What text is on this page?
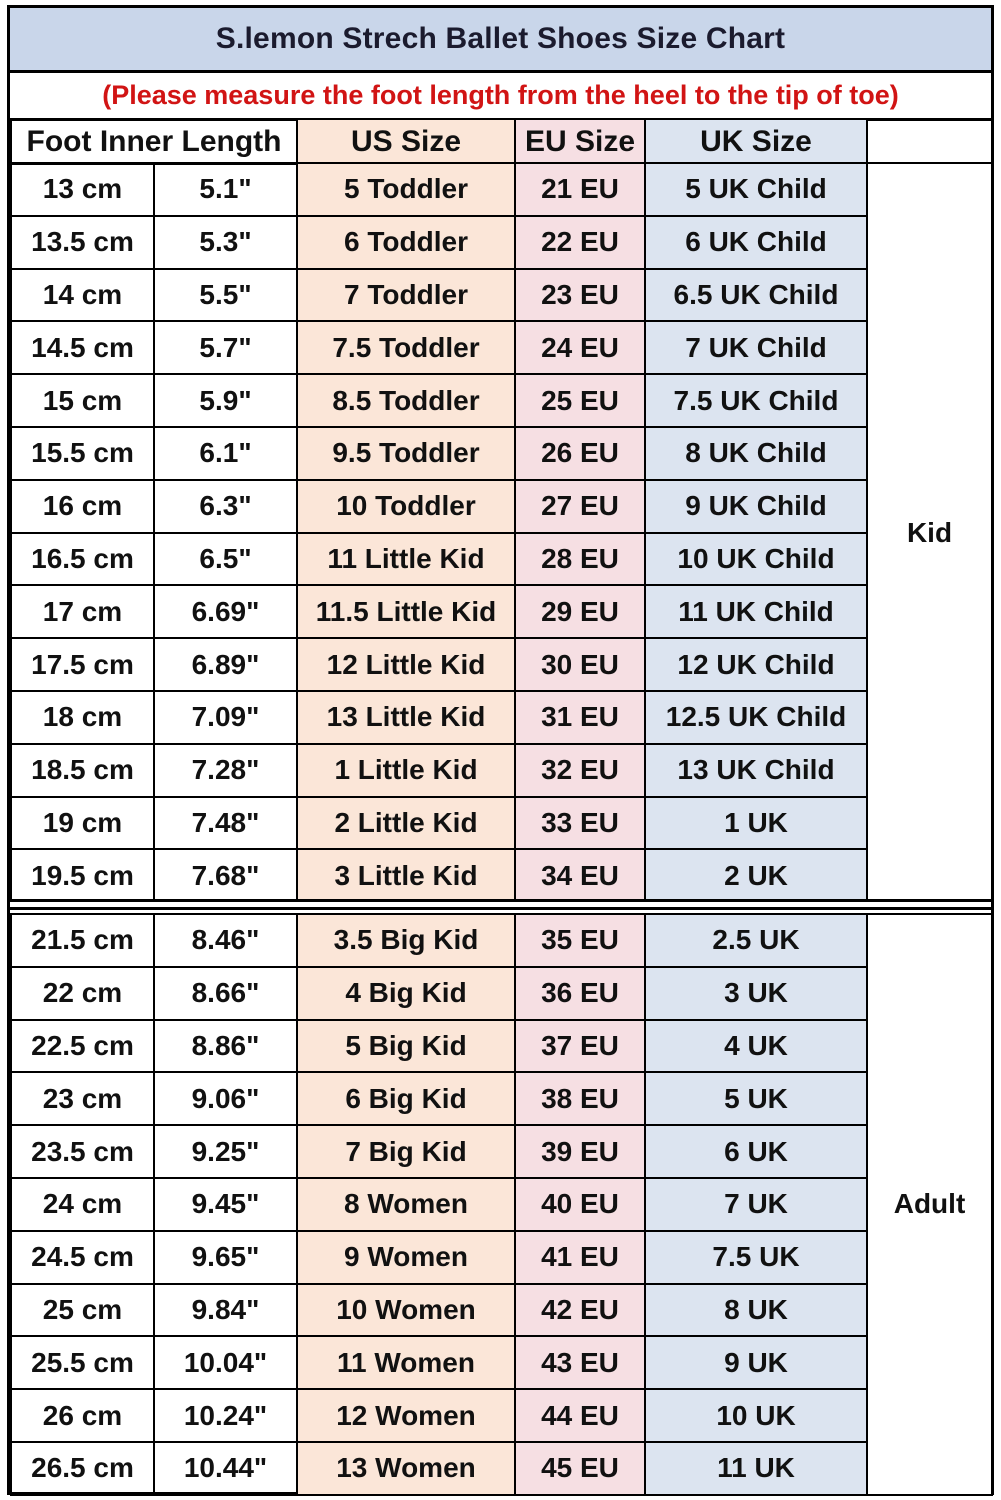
S.lemon Strech Ballet Shoes Size Chart
(Please measure the foot length from the heel to the tip of toe)
Foot Inner Length	US Size	EU Size	UK Size	
13 cm	5.1"	5 Toddler	21 EU	5 UK Child	Kid
13.5 cm	5.3"	6 Toddler	22 EU	6 UK Child	
14 cm	5.5"	7 Toddler	23 EU	6.5 UK Child	
14.5 cm	5.7"	7.5 Toddler	24 EU	7 UK Child	
15 cm	5.9"	8.5 Toddler	25 EU	7.5 UK Child	
15.5 cm	6.1"	9.5 Toddler	26 EU	8 UK Child	
16 cm	6.3"	10 Toddler	27 EU	9 UK Child	
16.5 cm	6.5"	11 Little Kid	28 EU	10 UK Child	
17 cm	6.69"	11.5 Little Kid	29 EU	11 UK Child	
17.5 cm	6.89"	12 Little Kid	30 EU	12 UK Child	
18 cm	7.09"	13 Little Kid	31 EU	12.5 UK Child	
18.5 cm	7.28"	1 Little Kid	32 EU	13 UK Child	
19 cm	7.48"	2 Little Kid	33 EU	1 UK	
19.5 cm	7.68"	3 Little Kid	34 EU	2 UK	
21.5 cm	8.46"	3.5 Big Kid	35 EU	2.5 UK	Adult
22 cm	8.66"	4 Big Kid	36 EU	3 UK	
22.5 cm	8.86"	5 Big Kid	37 EU	4 UK	
23 cm	9.06"	6 Big Kid	38 EU	5 UK	
23.5 cm	9.25"	7 Big Kid	39 EU	6 UK	
24 cm	9.45"	8 Women	40 EU	7 UK	
24.5 cm	9.65"	9 Women	41 EU	7.5 UK	
25 cm	9.84"	10 Women	42 EU	8 UK	
25.5 cm	10.04"	11 Women	43 EU	9 UK	
26 cm	10.24"	12 Women	44 EU	10 UK	
26.5 cm	10.44"	13 Women	45 EU	11 UK	
